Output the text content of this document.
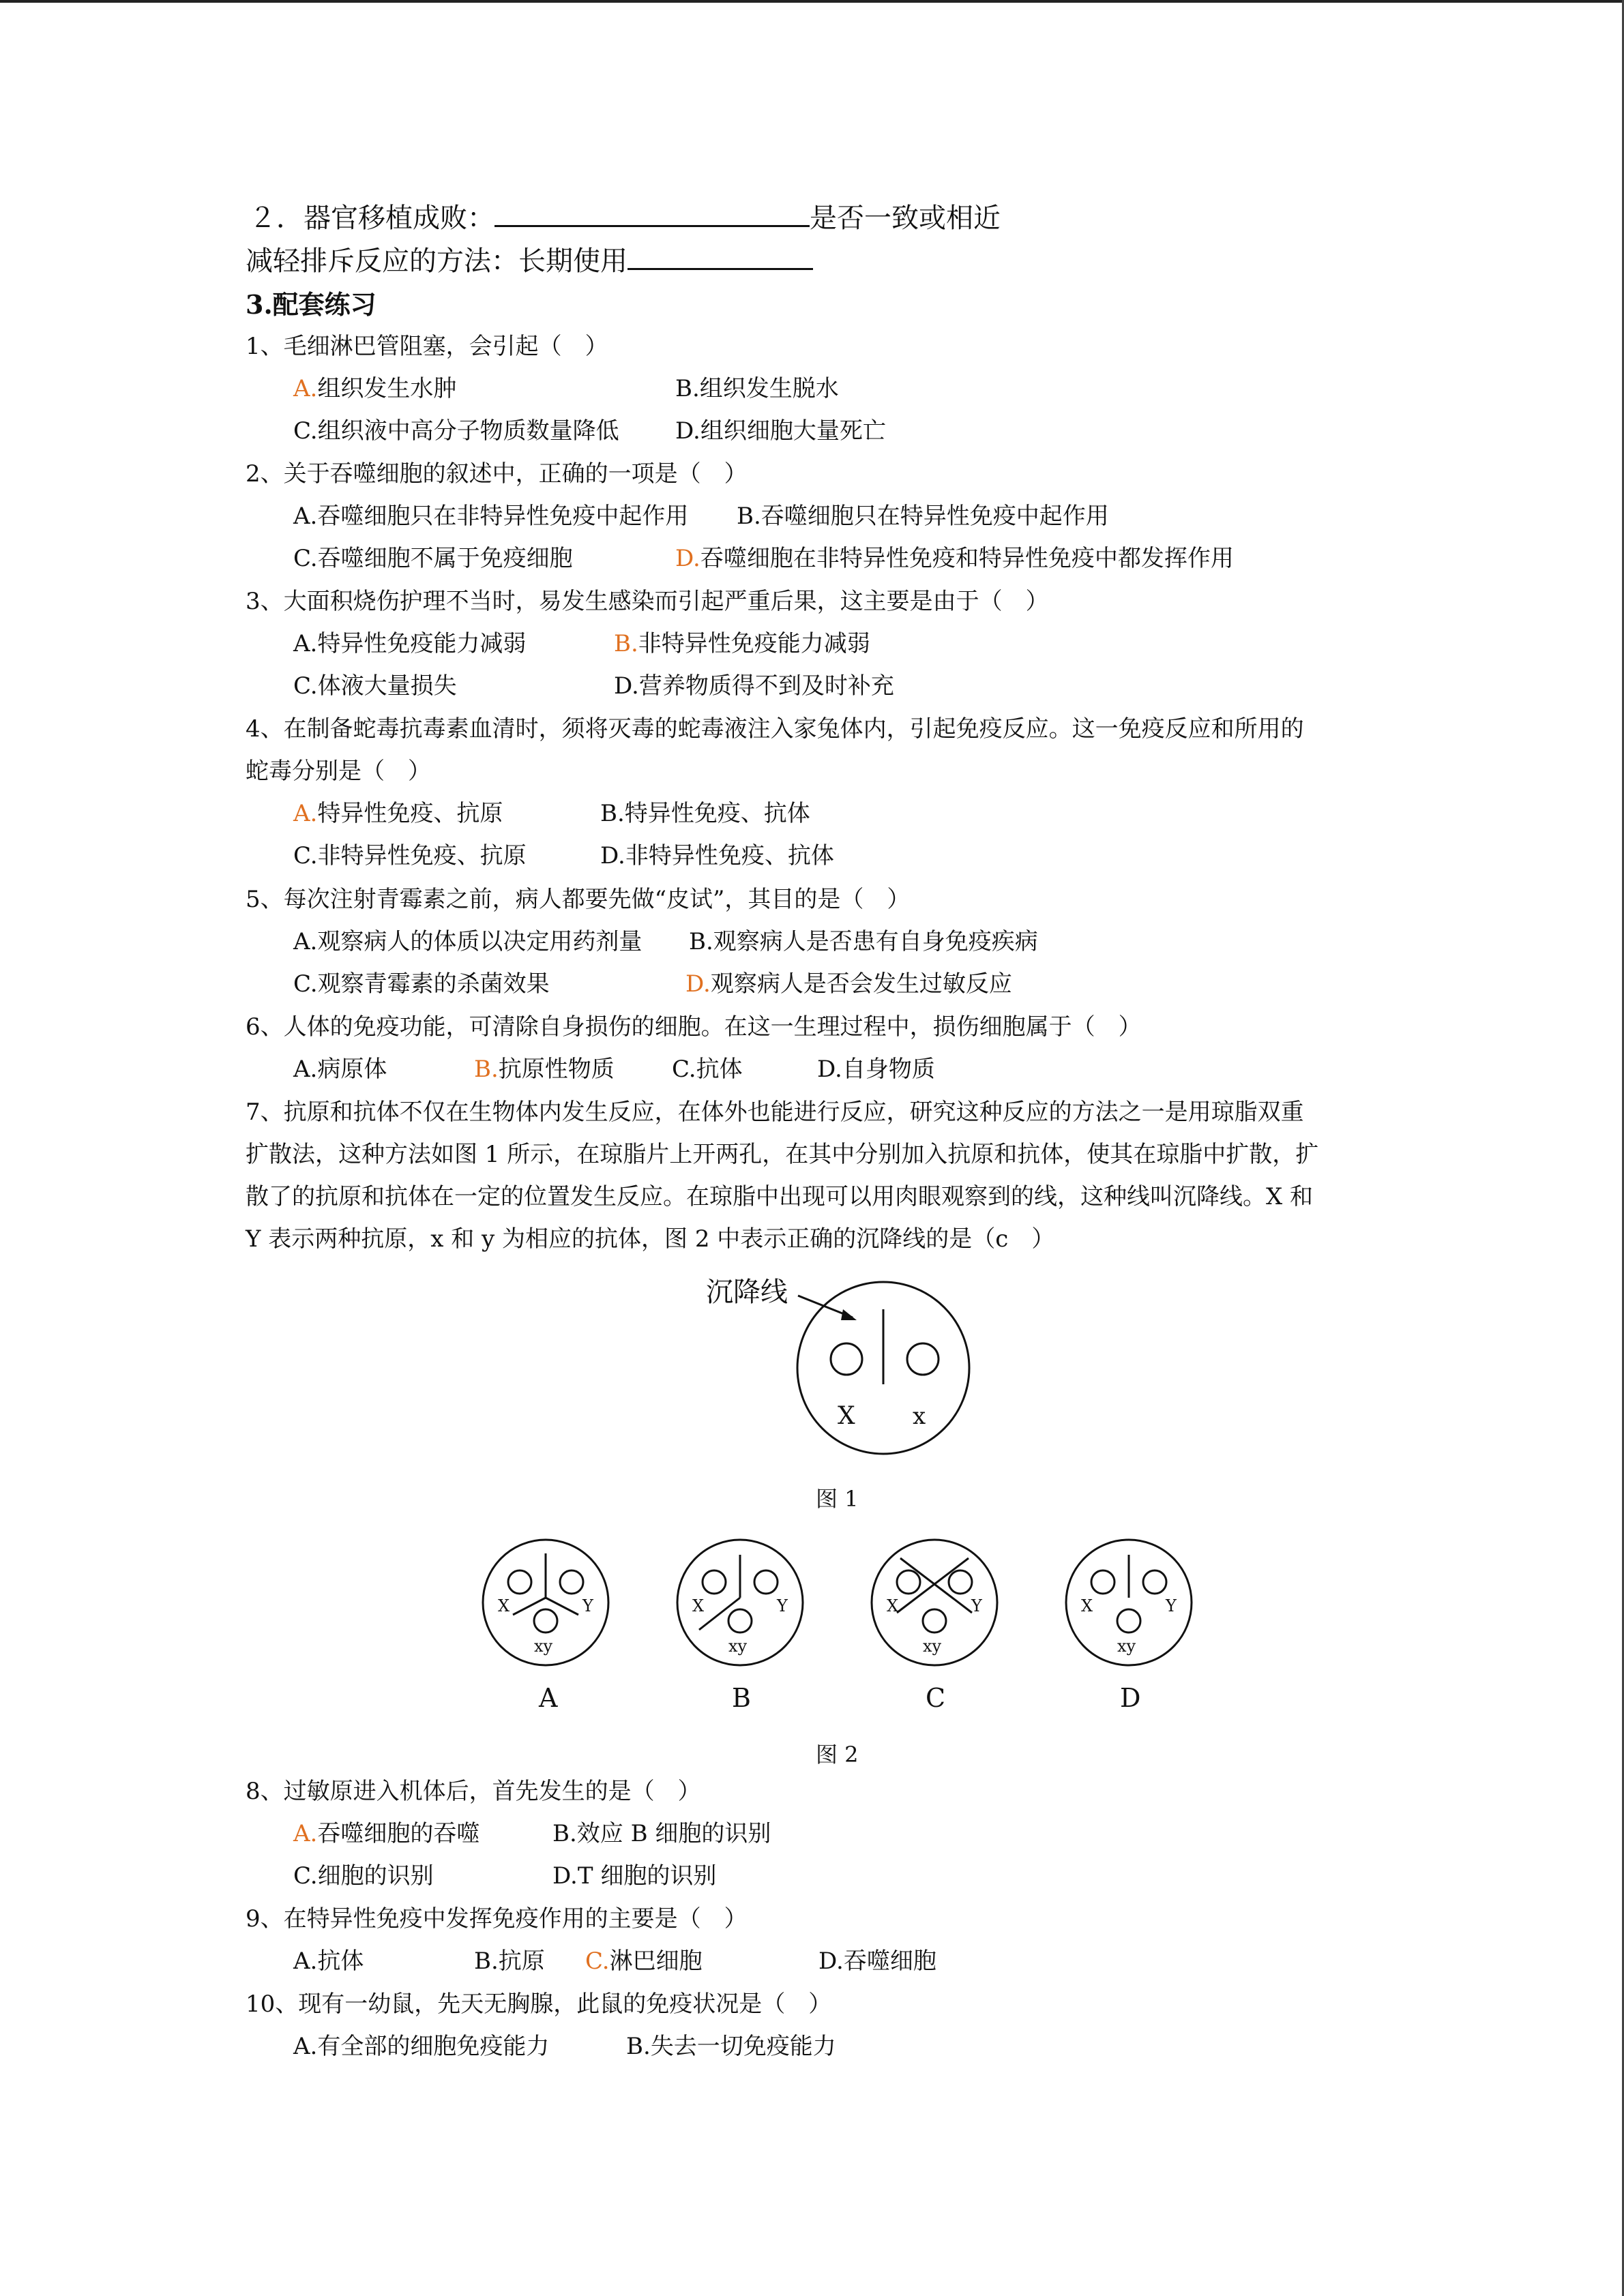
２．器官移植成败：	是否一致或相近
减轻排斥反应的方法：长期使用
3.配套练习
1、毛细淋巴管阻塞，会引起（　）
A.组织发生水肿	B.组织发生脱水
C.组织液中高分子物质数量降低 D.组织细胞大量死亡
2、关于吞噬细胞的叙述中，正确的一项是（　）
A.吞噬细胞只在非特异性免疫中起作用 B.吞噬细胞只在特异性免疫中起作用
C.吞噬细胞不属于免疫细胞	D.吞噬细胞在非特异性免疫和特异性免疫中都发挥作用
3、大面积烧伤护理不当时，易发生感染而引起严重后果，这主要是由于（　）
A.特异性免疫能力减弱	B.非特异性免疫能力减弱
C.体液大量损失	D.营养物质得不到及时补充
4、在制备蛇毒抗毒素血清时，须将灭毒的蛇毒液注入家兔体内，引起免疫反应。这一免疫反应和所用的
蛇毒分别是（　）
A.特异性免疫、抗原	B.特异性免疫、抗体
C.非特异性免疫、抗原	D.非特异性免疫、抗体
5、每次注射青霉素之前，病人都要先做“皮试”，其目的是（　）
A.观察病人的体质以决定用药剂量 B.观察病人是否患有自身免疫疾病
C.观察青霉素的杀菌效果	D.观察病人是否会发生过敏反应
6、人体的免疫功能，可清除自身损伤的细胞。在这一生理过程中，损伤细胞属于（　）
A.病原体	B.抗原性物质 C.抗体	D.自身物质
7、抗原和抗体不仅在生物体内发生反应，在体外也能进行反应，研究这种反应的方法之一是用琼脂双重
扩散法，这种方法如图 1 所示，在琼脂片上开两孔，在其中分别加入抗原和抗体，使其在琼脂中扩散，扩
散了的抗原和抗体在一定的位置发生反应。在琼脂中出现可以用肉眼观察到的线，这种线叫沉降线。X 和
Y 表示两种抗原，x 和 y 为相应的抗体，图 2 中表示正确的沉降线的是（c　）
沉降线
X x
图 1
X	Y
xy
A
X	Y
xy
B
X	Y
xy
C
X	Y
xy
D
图 2
8、过敏原进入机体后，首先发生的是（　）
A.吞噬细胞的吞噬	B.效应 B 细胞的识别
C.细胞的识别	D.T 细胞的识别
9、在特异性免疫中发挥免疫作用的主要是（　）
A.抗体	B.抗原 C.淋巴细胞	D.吞噬细胞
10、现有一幼鼠，先天无胸腺，此鼠的免疫状况是（　）
A.有全部的细胞免疫能力	B.失去一切免疫能力
